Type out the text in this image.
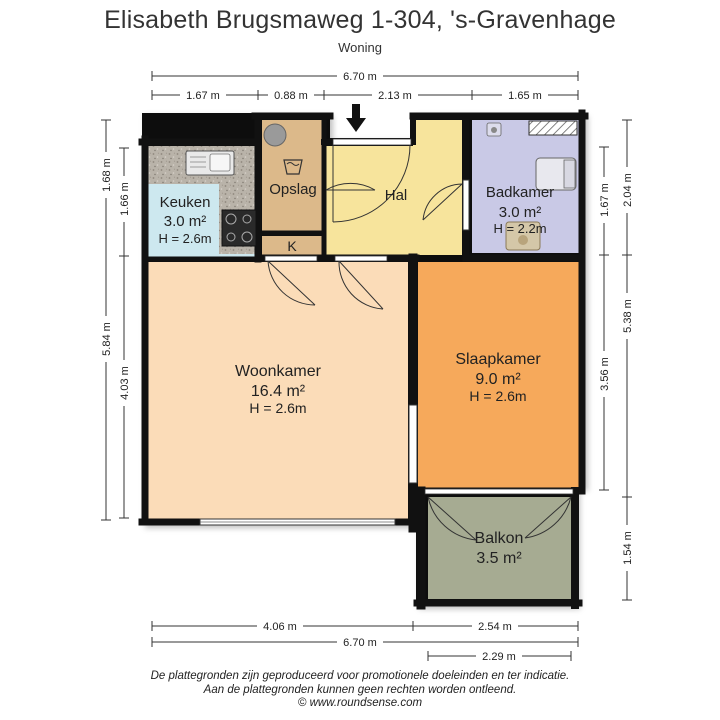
Elisabeth Brugsmaweg 1-304, 's-Gravenhage
Woning
Keuken
3.0 m²
H = 2.6m
Opslag
K
Hal	Badkamer
3.0 m²
H = 2.2m
Woonkamer
16.4 m²
H = 2.6m
Slaapkamer
9.0 m²
H = 2.6m
Balkon
3.5 m²
6.70 m
1.67 m	0.88 m	2.13 m	1.65 m
5.84 m
1.68 m
1.66 m
4.03 m
1.67 m 2.04 m
5.38 m
3.56 m
1.54 m
4.06 m	2.54 m
6.70 m
2.29 m
De plattegronden zijn geproduceerd voor promotionele doeleinden en ter indicatie.
Aan de plattegronden kunnen geen rechten worden ontleend.
© www.roundsense.com
